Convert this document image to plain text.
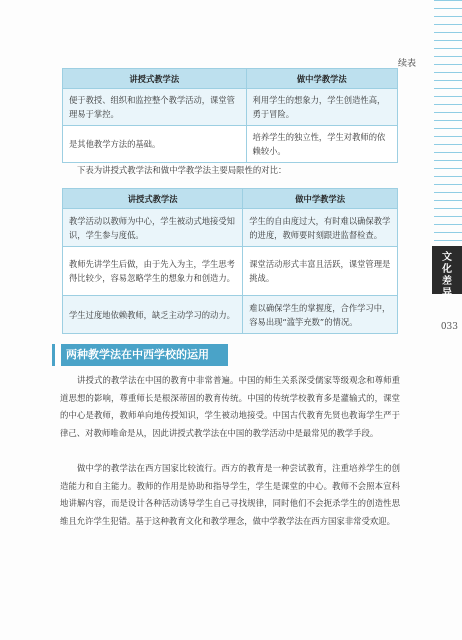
续表
讲授式教学法	做中学教学法
便于教授、组织和监控整个教学活动，课堂管理易于掌控。	利用学生的想象力，学生创造性高，勇于冒险。
是其他教学方法的基础。	培养学生的独立性，学生对教师的依赖较小。

下表为讲授式教学法和做中学教学法主要局限性的对比：

讲授式教学法	做中学教学法
教学活动以教师为中心，学生被动式地接受知识，学生参与度低。	学生的自由度过大，有时难以确保教学的进度，教师要时刻跟进监督检查。
教师先讲学生后做，由于先入为主，学生思考得比较少，容易忽略学生的想象力和创造力。	课堂活动形式丰富且活跃，课堂管理是挑战。
学生过度地依赖教师，缺乏主动学习的动力。	难以确保学生的掌握度，合作学习中，容易出现“滥竽充数”的情况。
两种教学法在中西学校的运用

讲授式的教学法在中国的教育中非常普遍。中国的师生关系深受儒家等级观念和尊师重道思想的影响，尊重师长是根深蒂固的教育传统。中国的传统学校教育多是灌输式的，课堂的中心是教师，教师单向地传授知识，学生被动地接受。中国古代教育先贤也教诲学生严于律己、对教师唯命是从，因此讲授式教学法在中国的教学活动中是最常见的教学手段。

做中学的教学法在西方国家比较流行。西方的教育是一种尝试教育，注重培养学生的创造能力和自主能力。教师的作用是协助和指导学生，学生是课堂的中心。教师不会照本宣科地讲解内容，而是设计各种活动诱导学生自己寻找规律，同时他们不会扼杀学生的创造性思维且允许学生犯错。基于这种教育文化和教学理念，做中学教学法在西方国家非常受欢迎。

文化差异
033
